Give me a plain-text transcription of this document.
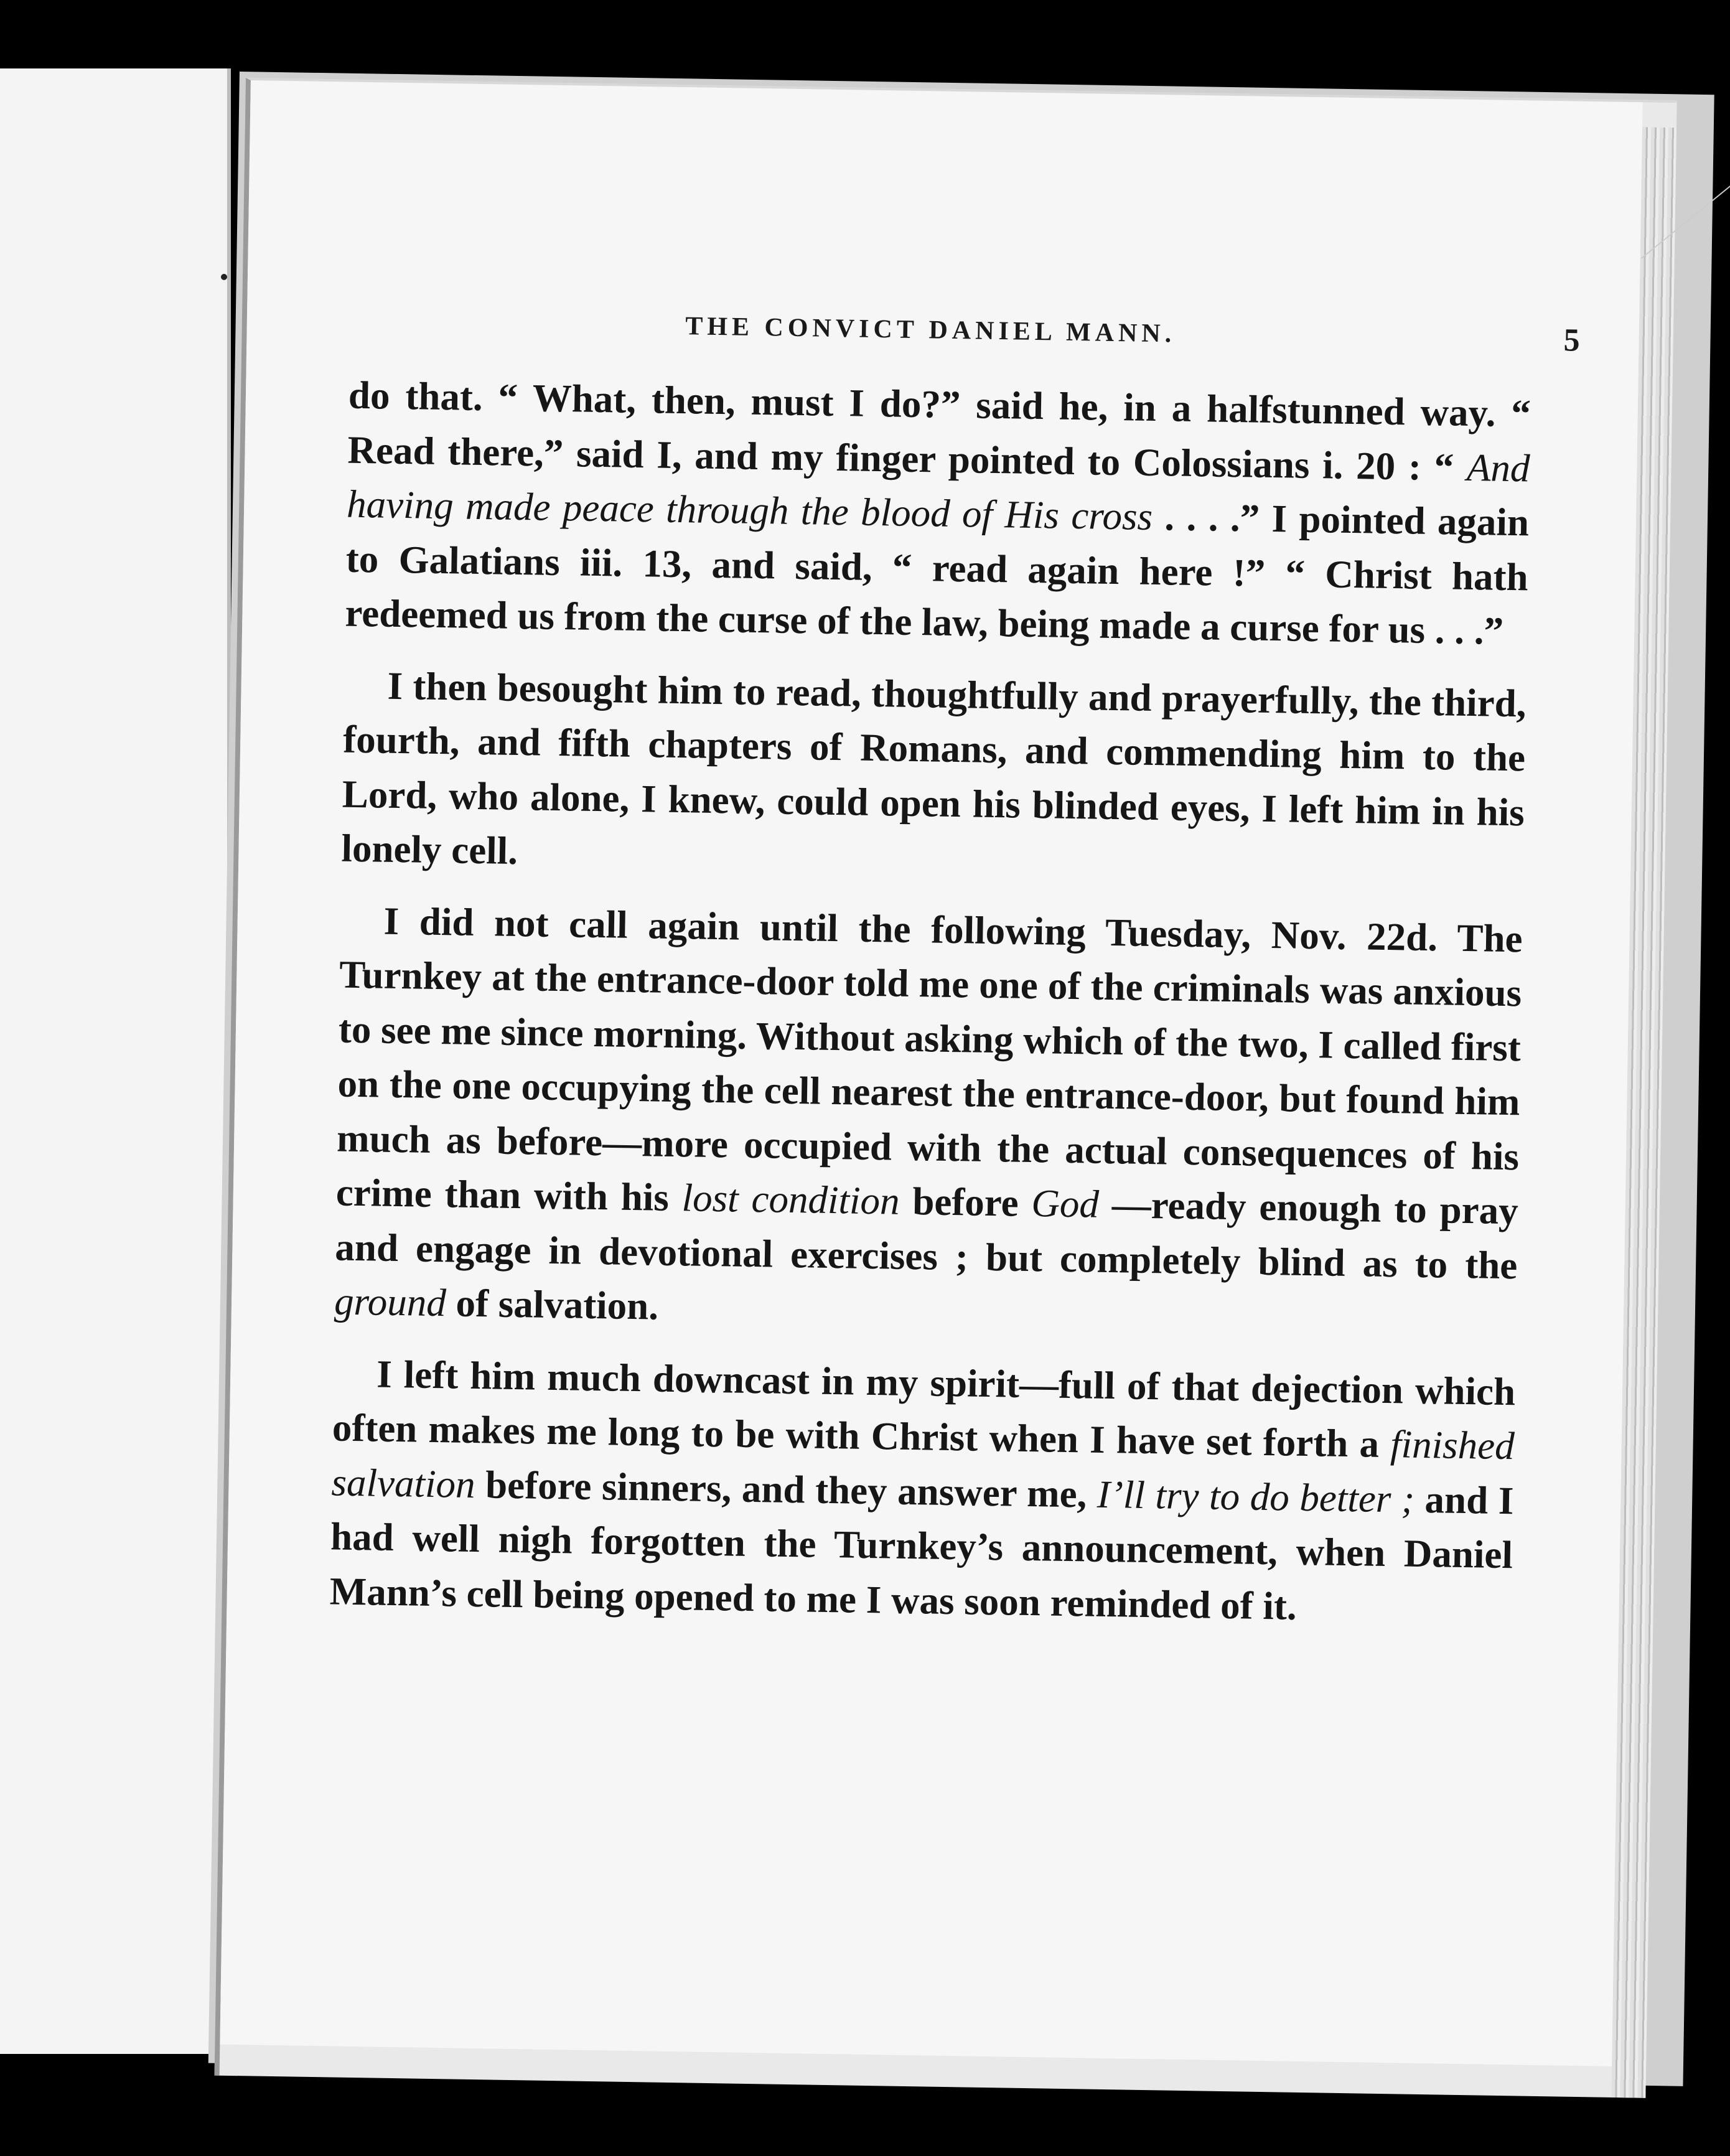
THE CONVICT DANIEL MANN.	5

do that. “ What, then, must I do?” said he, in a halfstunned way. “ Read there,” said I, and my finger pointed to Colossians i. 20 : “ And having made peace through the blood of His cross . . . .” I pointed again to Galatians iii. 13, and said, “ read again here !” “ Christ hath redeemed us from the curse of the law, being made a curse for us . . .”

I then besought him to read, thoughtfully and prayerfully, the third, fourth, and fifth chapters of Romans, and commending him to the Lord, who alone, I knew, could open his blinded eyes, I left him in his lonely cell.

I did not call again until the following Tuesday, Nov. 22d. The Turnkey at the entrance-door told me one of the criminals was anxious to see me since morning. Without asking which of the two, I called first on the one occupying the cell nearest the entrance-door, but found him much as before—more occupied with the actual consequences of his crime than with his lost condition before God —ready enough to pray and engage in devotional exercises ; but completely blind as to the ground of salvation.

I left him much downcast in my spirit—full of that dejection which often makes me long to be with Christ when I have set forth a finished salvation before sinners, and they answer me, I’ll try to do better ; and I had well nigh forgotten the Turnkey’s announcement, when Daniel Mann’s cell being opened to me I was soon reminded of it.
